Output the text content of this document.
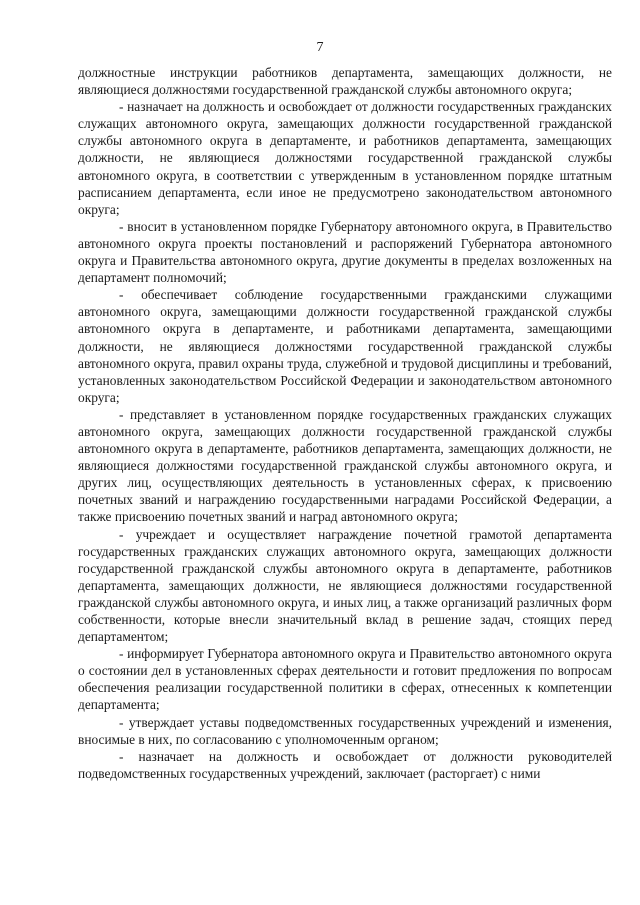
7

должностные инструкции работников департамента, замещающих должности, не являющиеся должностями государственной гражданской службы автономного округа;

- назначает на должность и освобождает от должности государственных гражданских служащих автономного округа, замещающих должности государственной гражданской службы автономного округа в департаменте, и работников департамента, замещающих должности, не являющиеся должностями государственной гражданской службы автономного округа, в соответствии с утвержденным в установленном порядке штатным расписанием департамента, если иное не предусмотрено законодательством автономного округа;

- вносит в установленном порядке Губернатору автономного округа, в Правительство автономного округа проекты постановлений и распоряжений Губернатора автономного округа и Правительства автономного округа, другие документы в пределах возложенных на департамент полномочий;

- обеспечивает соблюдение государственными гражданскими служащими автономного округа, замещающими должности государственной гражданской службы автономного округа в департаменте, и работниками департамента, замещающими должности, не являющиеся должностями государственной гражданской службы автономного округа, правил охраны труда, служебной и трудовой дисциплины и требований, установленных законодательством Российской Федерации и законодательством автономного округа;

- представляет в установленном порядке государственных гражданских служащих автономного округа, замещающих должности государственной гражданской службы автономного округа в департаменте, работников департамента, замещающих должности, не являющиеся должностями государственной гражданской службы автономного округа, и других лиц, осуществляющих деятельность в установленных сферах, к присвоению почетных званий и награждению государственными наградами Российской Федерации, а также присвоению почетных званий и наград автономного округа;

- учреждает и осуществляет награждение почетной грамотой департамента государственных гражданских служащих автономного округа, замещающих должности государственной гражданской службы автономного округа в департаменте, работников департамента, замещающих должности, не являющиеся должностями государственной гражданской службы автономного округа, и иных лиц, а также организаций различных форм собственности, которые внесли значительный вклад в решение задач, стоящих перед департаментом;

- информирует Губернатора автономного округа и Правительство автономного округа о состоянии дел в установленных сферах деятельности и готовит предложения по вопросам обеспечения реализации государственной политики в сферах, отнесенных к компетенции департамента;

- утверждает уставы подведомственных государственных учреждений и изменения, вносимые в них, по согласованию с уполномоченным органом;

- назначает на должность и освобождает от должности руководителей подведомственных государственных учреждений, заключает (расторгает) с ними
